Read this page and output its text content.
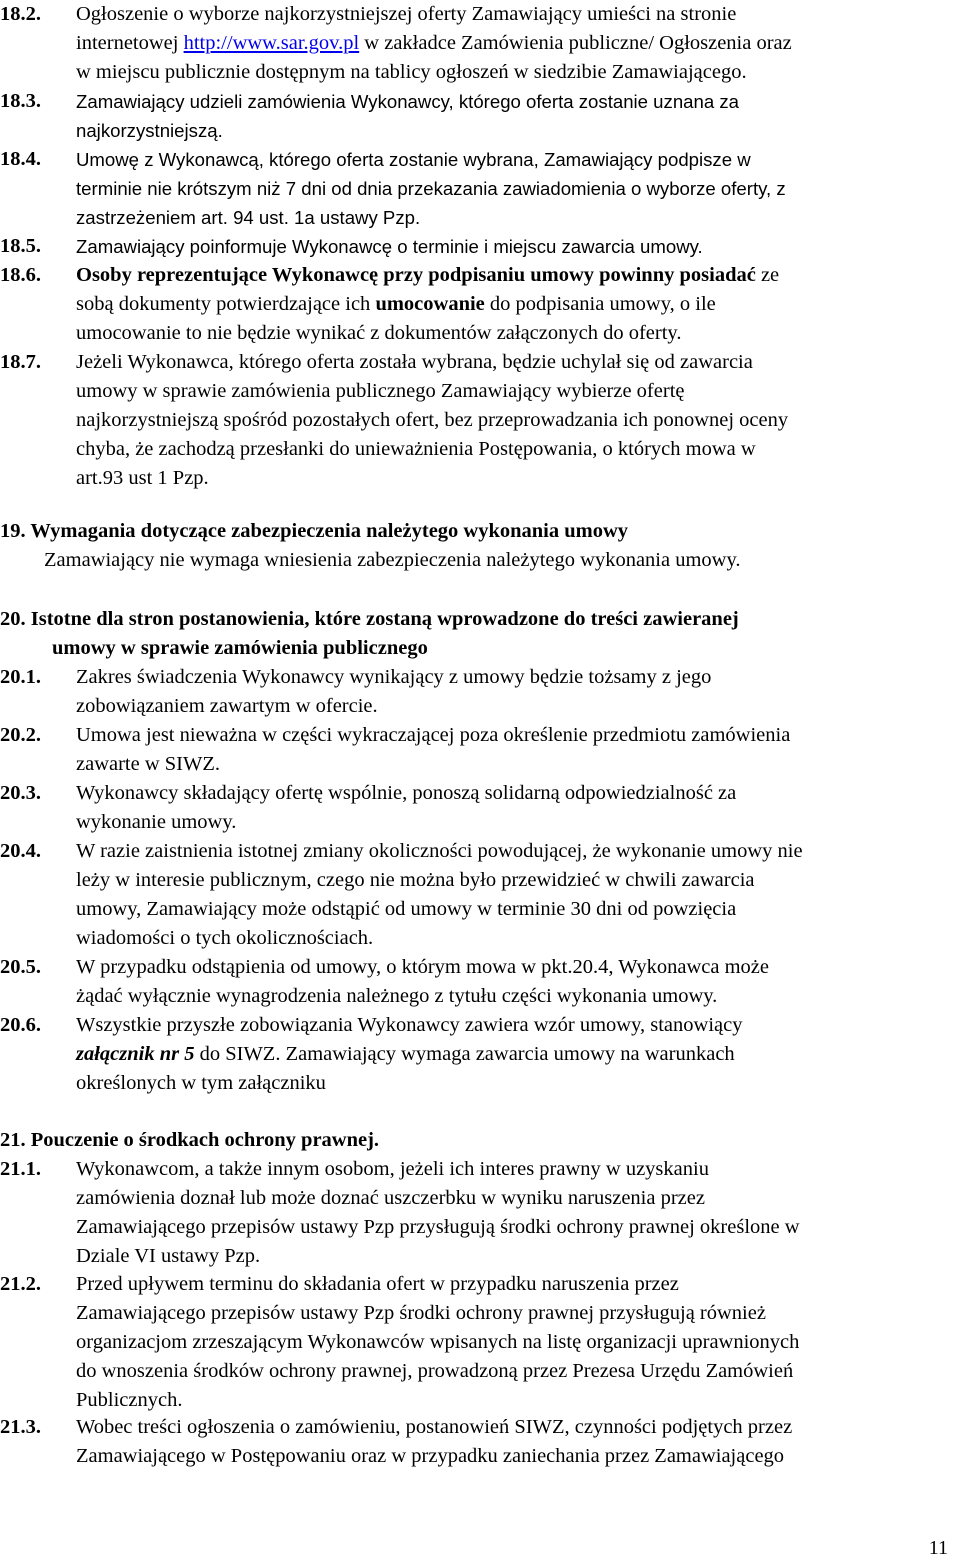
18.2. Ogłoszenie o wyborze najkorzystniejszej oferty Zamawiający umieści na stronie
internetowej http://www.sar.gov.pl w zakładce Zamówienia publiczne/ Ogłoszenia oraz
w miejscu publicznie dostępnym na tablicy ogłoszeń w siedzibie Zamawiającego.
18.3. Zamawiający udzieli zamówienia Wykonawcy, którego oferta zostanie uznana za
najkorzystniejszą.
18.4. Umowę z Wykonawcą, którego oferta zostanie wybrana, Zamawiający podpisze w
terminie nie krótszym niż 7 dni od dnia przekazania zawiadomienia o wyborze oferty, z
zastrzeżeniem art. 94 ust. 1a ustawy Pzp.
18.5. Zamawiający poinformuje Wykonawcę o terminie i miejscu zawarcia umowy.
18.6. Osoby reprezentujące Wykonawcę przy podpisaniu umowy powinny posiadać ze
sobą dokumenty potwierdzające ich umocowanie do podpisania umowy, o ile
umocowanie to nie będzie wynikać z dokumentów załączonych do oferty.
18.7. Jeżeli Wykonawca, którego oferta została wybrana, będzie uchylał się od zawarcia
umowy w sprawie zamówienia publicznego Zamawiający wybierze ofertę
najkorzystniejszą spośród pozostałych ofert, bez przeprowadzania ich ponownej oceny
chyba, że zachodzą przesłanki do unieważnienia Postępowania, o których mowa w
art.93 ust 1 Pzp.
19. Wymagania dotyczące zabezpieczenia należytego wykonania umowy
Zamawiający nie wymaga wniesienia zabezpieczenia należytego wykonania umowy.
20. Istotne dla stron postanowienia, które zostaną wprowadzone do treści zawieranej
umowy w sprawie zamówienia publicznego
20.1. Zakres świadczenia Wykonawcy wynikający z umowy będzie tożsamy z jego
zobowiązaniem zawartym w ofercie.
20.2. Umowa jest nieważna w części wykraczającej poza określenie przedmiotu zamówienia
zawarte w SIWZ.
20.3. Wykonawcy składający ofertę wspólnie, ponoszą solidarną odpowiedzialność za
wykonanie umowy.
20.4. W razie zaistnienia istotnej zmiany okoliczności powodującej, że wykonanie umowy nie
leży w interesie publicznym, czego nie można było przewidzieć w chwili zawarcia
umowy, Zamawiający może odstąpić od umowy w terminie 30 dni od powzięcia
wiadomości o tych okolicznościach.
20.5. W przypadku odstąpienia od umowy, o którym mowa w pkt.20.4, Wykonawca może
żądać wyłącznie wynagrodzenia należnego z tytułu części wykonania umowy.
20.6. Wszystkie przyszłe zobowiązania Wykonawcy zawiera wzór umowy, stanowiący
załącznik nr 5 do SIWZ. Zamawiający wymaga zawarcia umowy na warunkach
określonych w tym załączniku
21. Pouczenie o środkach ochrony prawnej.
21.1. Wykonawcom, a także innym osobom, jeżeli ich interes prawny w uzyskaniu
zamówienia doznał lub może doznać uszczerbku w wyniku naruszenia przez
Zamawiającego przepisów ustawy Pzp przysługują środki ochrony prawnej określone w
Dziale VI ustawy Pzp.
21.2. Przed upływem terminu do składania ofert w przypadku naruszenia przez
Zamawiającego przepisów ustawy Pzp środki ochrony prawnej przysługują również
organizacjom zrzeszającym Wykonawców wpisanych na listę organizacji uprawnionych
do wnoszenia środków ochrony prawnej, prowadzoną przez Prezesa Urzędu Zamówień
Publicznych.
21.3. Wobec treści ogłoszenia o zamówieniu, postanowień SIWZ, czynności podjętych przez
Zamawiającego w Postępowaniu oraz w przypadku zaniechania przez Zamawiającego
11
